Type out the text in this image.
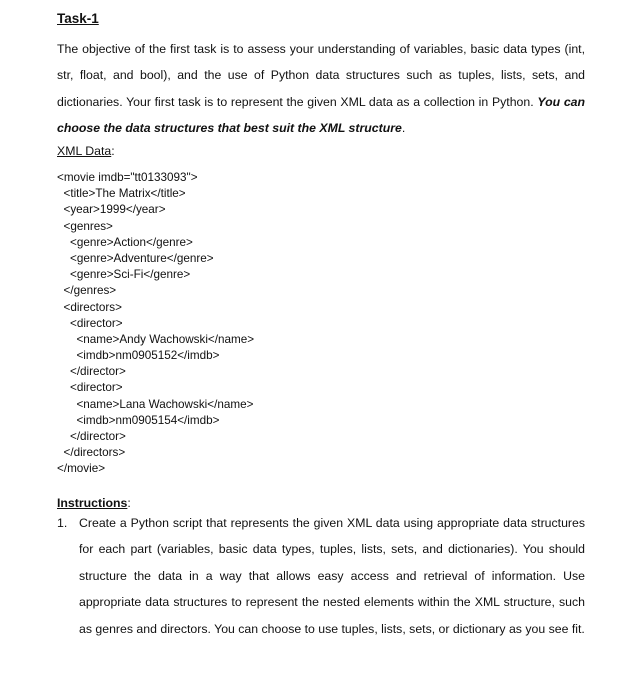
Task-1

The objective of the first task is to assess your understanding of variables, basic data types (int, str, float, and bool), and the use of Python data structures such as tuples, lists, sets, and dictionaries. Your first task is to represent the given XML data as a collection in Python. You can choose the data structures that best suit the XML structure.

XML Data:
<movie imdb="tt0133093">
<title>The Matrix</title>
<year>1999</year>
<genres>
<genre>Action</genre>
<genre>Adventure</genre>
<genre>Sci-Fi</genre>
</genres>
<directors>
<director>
<name>Andy Wachowski</name>
<imdb>nm0905152</imdb>
</director>
<director>
<name>Lana Wachowski</name>
<imdb>nm0905154</imdb>
</director>
</directors>
</movie>
Instructions:
1. Create a Python script that represents the given XML data using appropriate data structures for each part (variables, basic data types, tuples, lists, sets, and dictionaries). You should structure the data in a way that allows easy access and retrieval of information. Use appropriate data structures to represent the nested elements within the XML structure, such as genres and directors. You can choose to use tuples, lists, sets, or dictionary as you see fit.
